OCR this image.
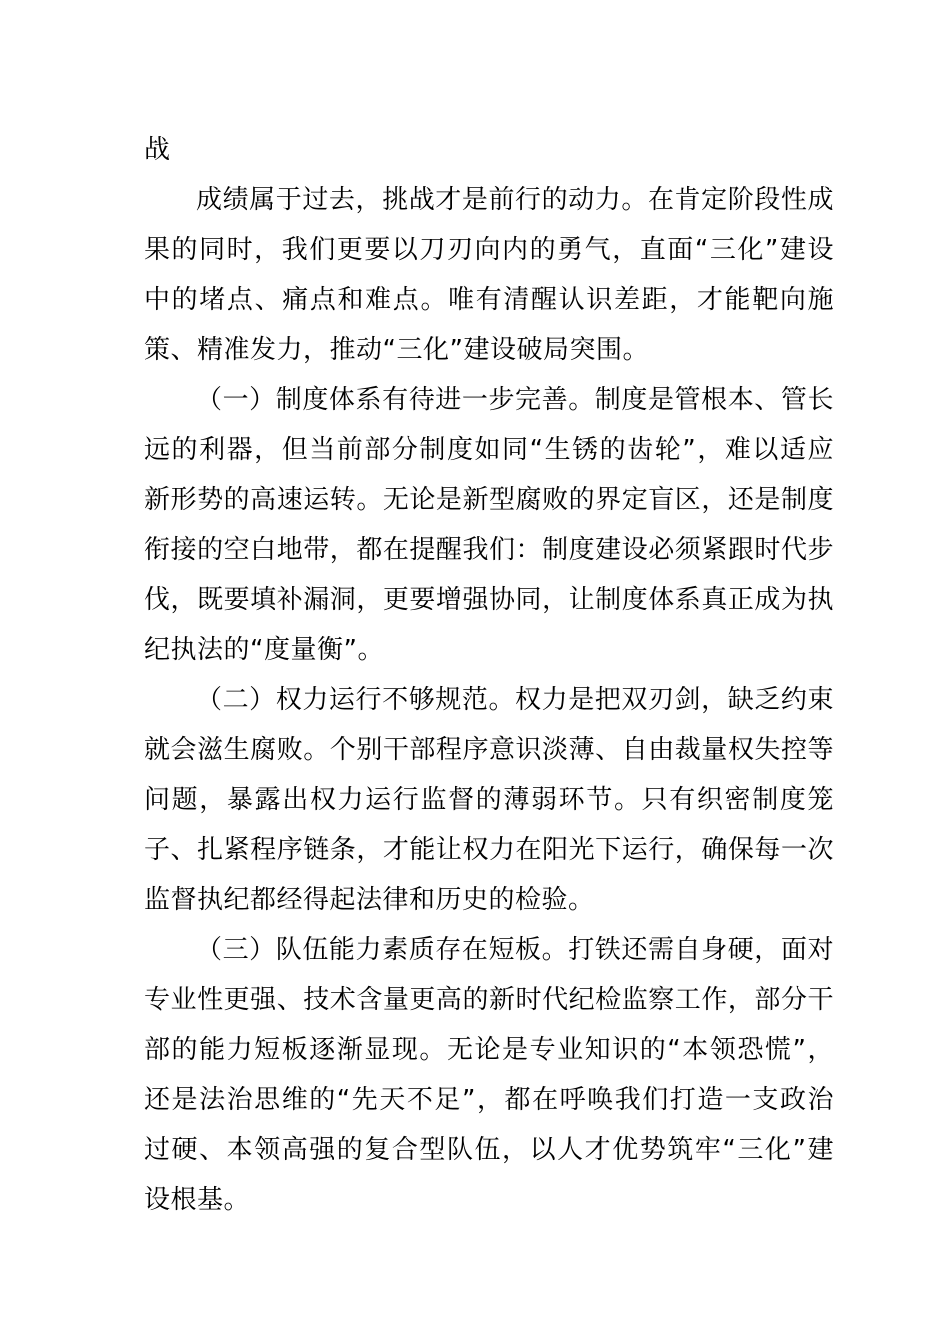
战

成绩属于过去，挑战才是前行的动力。在肯定阶段性成果的同时，我们更要以刀刃向内的勇气，直面“三化”建设中的堵点、痛点和难点。唯有清醒认识差距，才能靶向施策、精准发力，推动“三化”建设破局突围。

（一）制度体系有待进一步完善。制度是管根本、管长远的利器，但当前部分制度如同“生锈的齿轮”，难以适应新形势的高速运转。无论是新型腐败的界定盲区，还是制度衔接的空白地带，都在提醒我们：制度建设必须紧跟时代步伐，既要填补漏洞，更要增强协同，让制度体系真正成为执纪执法的“度量衡”。

（二）权力运行不够规范。权力是把双刃剑，缺乏约束就会滋生腐败。个别干部程序意识淡薄、自由裁量权失控等问题，暴露出权力运行监督的薄弱环节。只有织密制度笼子、扎紧程序链条，才能让权力在阳光下运行，确保每一次监督执纪都经得起法律和历史的检验。

（三）队伍能力素质存在短板。打铁还需自身硬，面对专业性更强、技术含量更高的新时代纪检监察工作，部分干部的能力短板逐渐显现。无论是专业知识的“本领恐慌”，还是法治思维的“先天不足”，都在呼唤我们打造一支政治过硬、本领高强的复合型队伍，以人才优势筑牢“三化”建设根基。
